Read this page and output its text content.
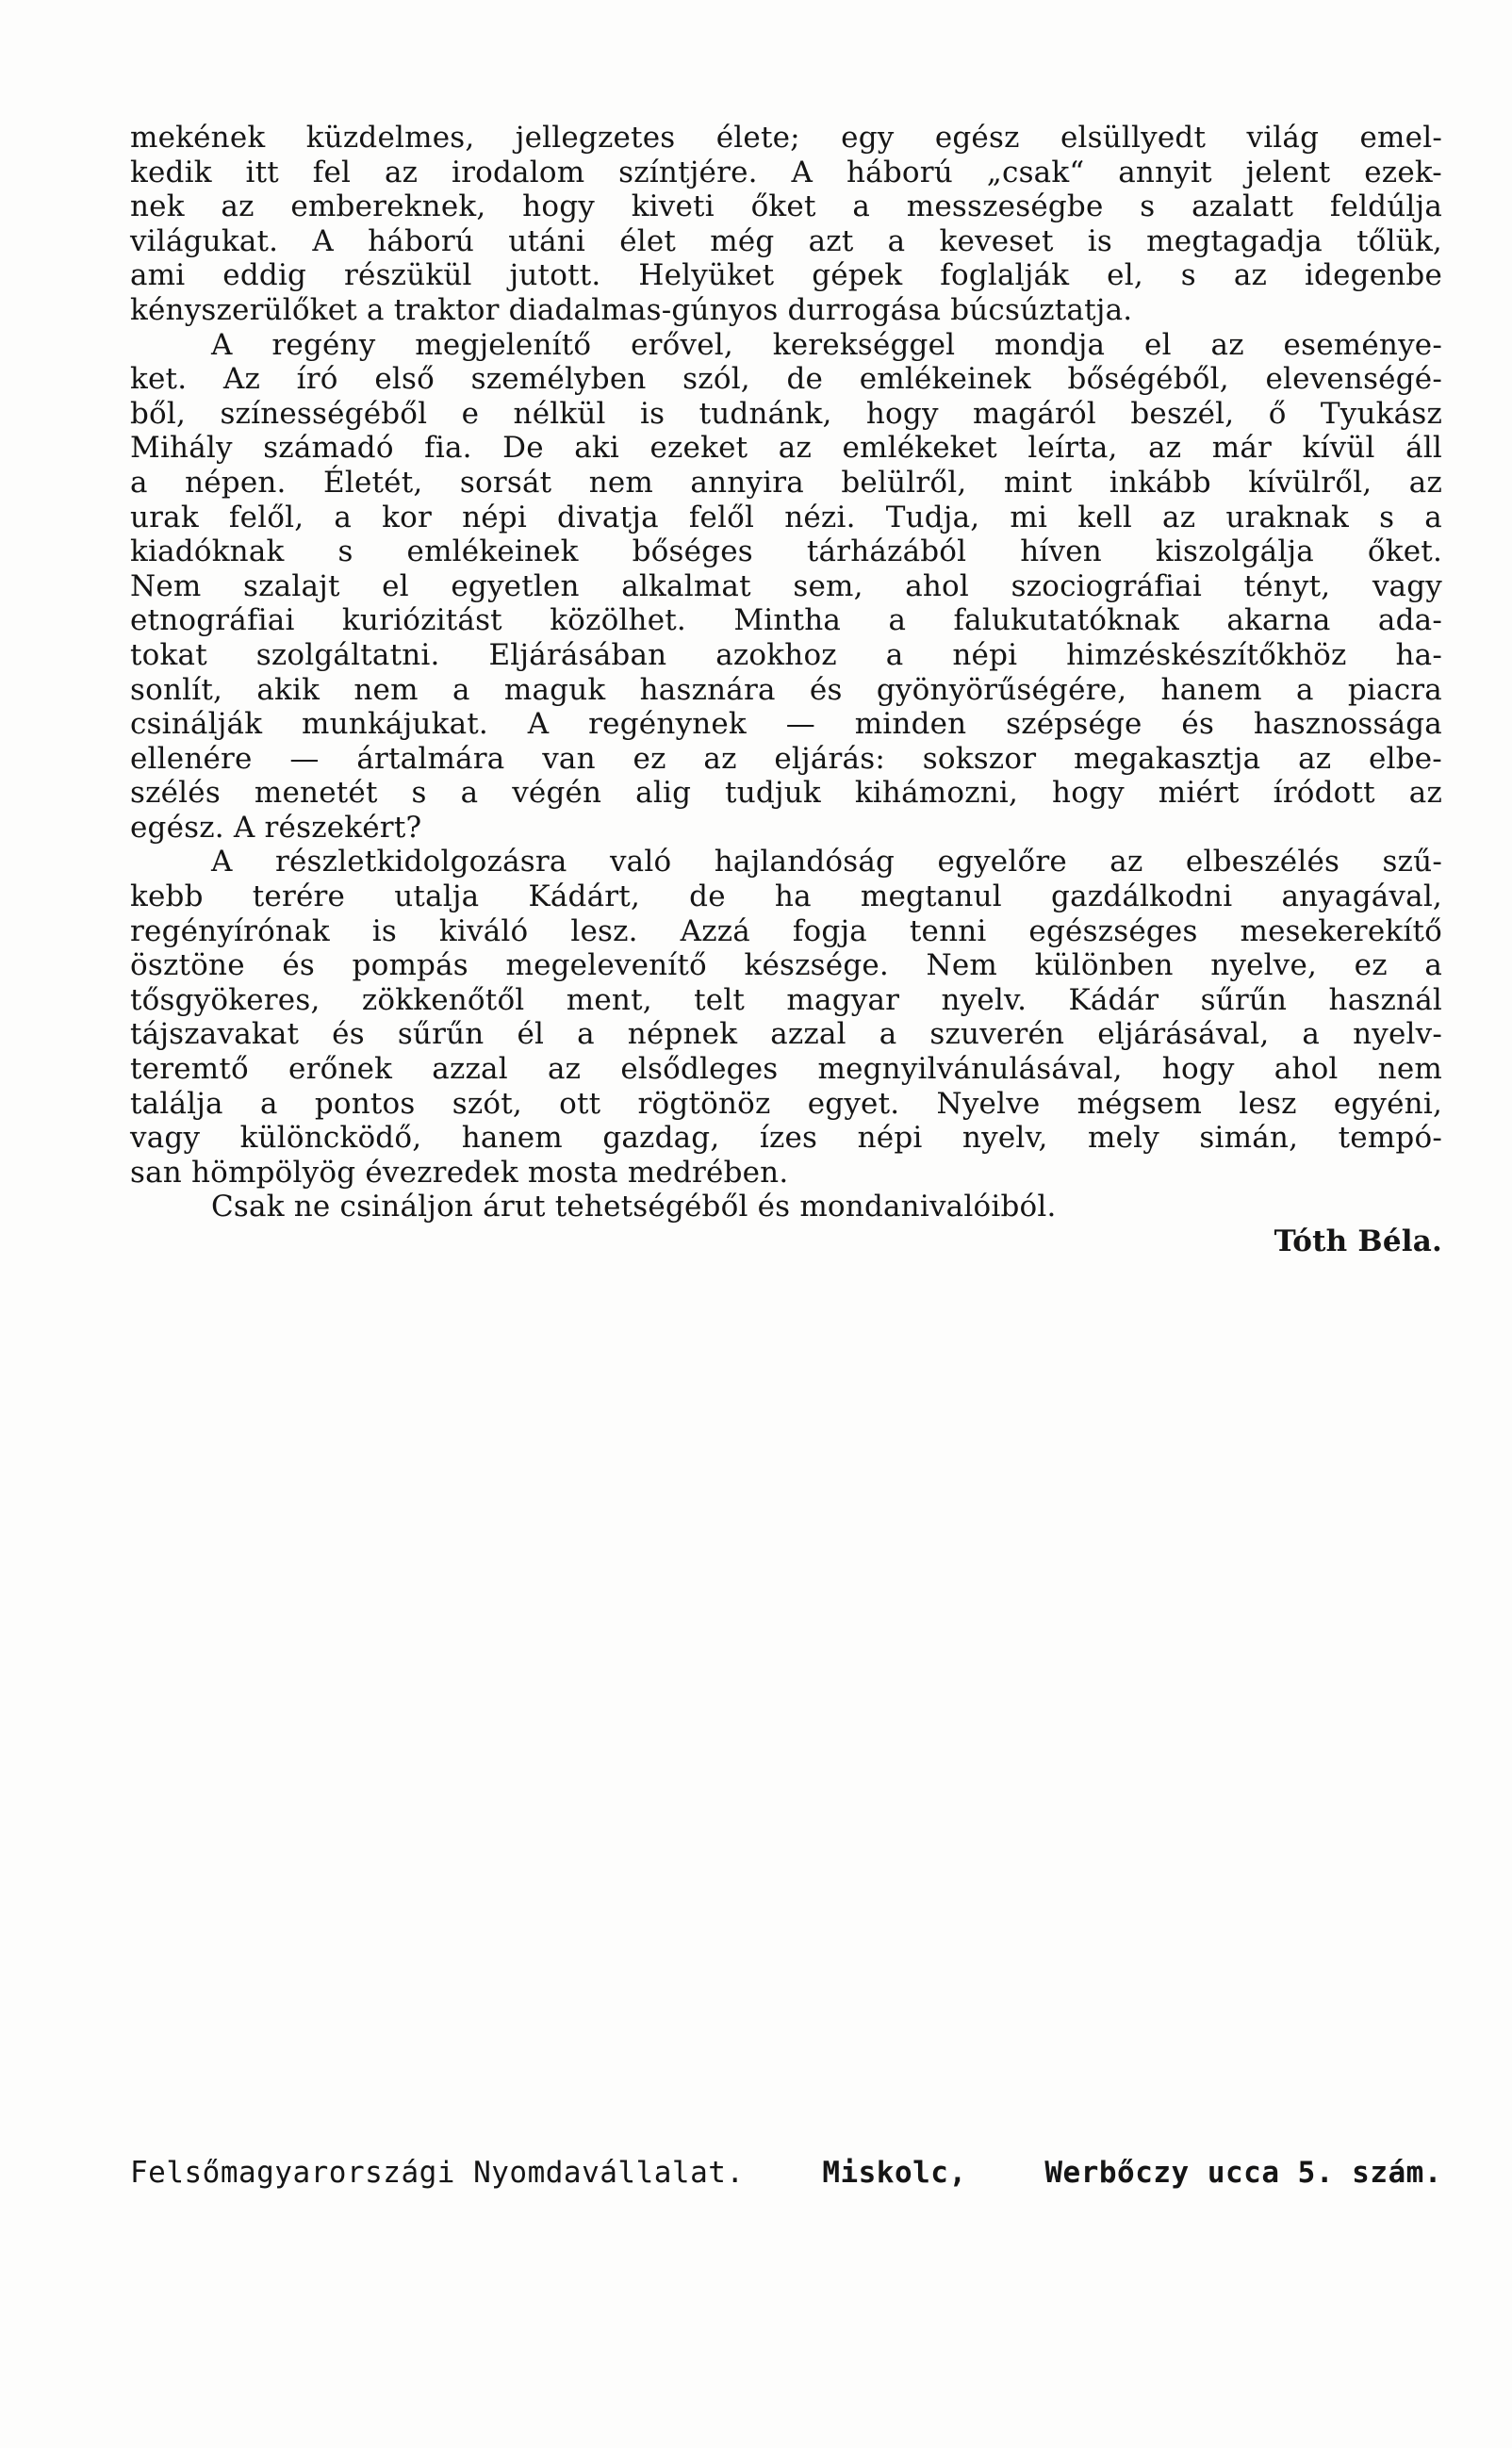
mekének küzdelmes, jellegzetes élete; egy egész elsüllyedt világ emel-
kedik itt fel az irodalom színtjére. A háború „csak“ annyit jelent ezek-
nek az embereknek, hogy kiveti őket a messzeségbe s azalatt feldúlja
világukat. A háború utáni élet még azt a keveset is megtagadja tőlük,
ami eddig részükül jutott. Helyüket gépek foglalják el, s az idegenbe
kényszerülőket a traktor diadalmas-gúnyos durrogása búcsúztatja.
A regény megjelenítő erővel, kerekséggel mondja el az eseménye-
ket. Az író első személyben szól, de emlékeinek bőségéből, elevenségé-
ből, színességéből e nélkül is tudnánk, hogy magáról beszél, ő Tyukász
Mihály számadó fia. De aki ezeket az emlékeket leírta, az már kívül áll
a népen. Életét, sorsát nem annyira belülről, mint inkább kívülről, az
urak felől, a kor népi divatja felől nézi. Tudja, mi kell az uraknak s a
kiadóknak s emlékeinek bőséges tárházából híven kiszolgálja őket.
Nem szalajt el egyetlen alkalmat sem, ahol szociográfiai tényt, vagy
etnográfiai kuriózitást közölhet. Mintha a falukutatóknak akarna ada-
tokat szolgáltatni. Eljárásában azokhoz a népi himzéskészítőkhöz ha-
sonlít, akik nem a maguk hasznára és gyönyörűségére, hanem a piacra
csinálják munkájukat. A regénynek — minden szépsége és hasznossága
ellenére — ártalmára van ez az eljárás: sokszor megakasztja az elbe-
szélés menetét s a végén alig tudjuk kihámozni, hogy miért íródott az
egész. A részekért?
A részletkidolgozásra való hajlandóság egyelőre az elbeszélés szű-
kebb terére utalja Kádárt, de ha megtanul gazdálkodni anyagával,
regényírónak is kiváló lesz. Azzá fogja tenni egészséges mesekerekítő
ösztöne és pompás megelevenítő készsége. Nem különben nyelve, ez a
tősgyökeres, zökkenőtől ment, telt magyar nyelv. Kádár sűrűn használ
tájszavakat és sűrűn él a népnek azzal a szuverén eljárásával, a nyelv-
teremtő erőnek azzal az elsődleges megnyilvánulásával, hogy ahol nem
találja a pontos szót, ott rögtönöz egyet. Nyelve mégsem lesz egyéni,
vagy különcködő, hanem gazdag, ízes népi nyelv, mely simán, tempó-
san hömpölyög évezredek mosta medrében.
Csak ne csináljon árut tehetségéből és mondanivalóiból.
Tóth Béla.
Felsőmagyarországi Nyomdavállalat.	Miskolc,	Werbőczy ucca 5. szám.
